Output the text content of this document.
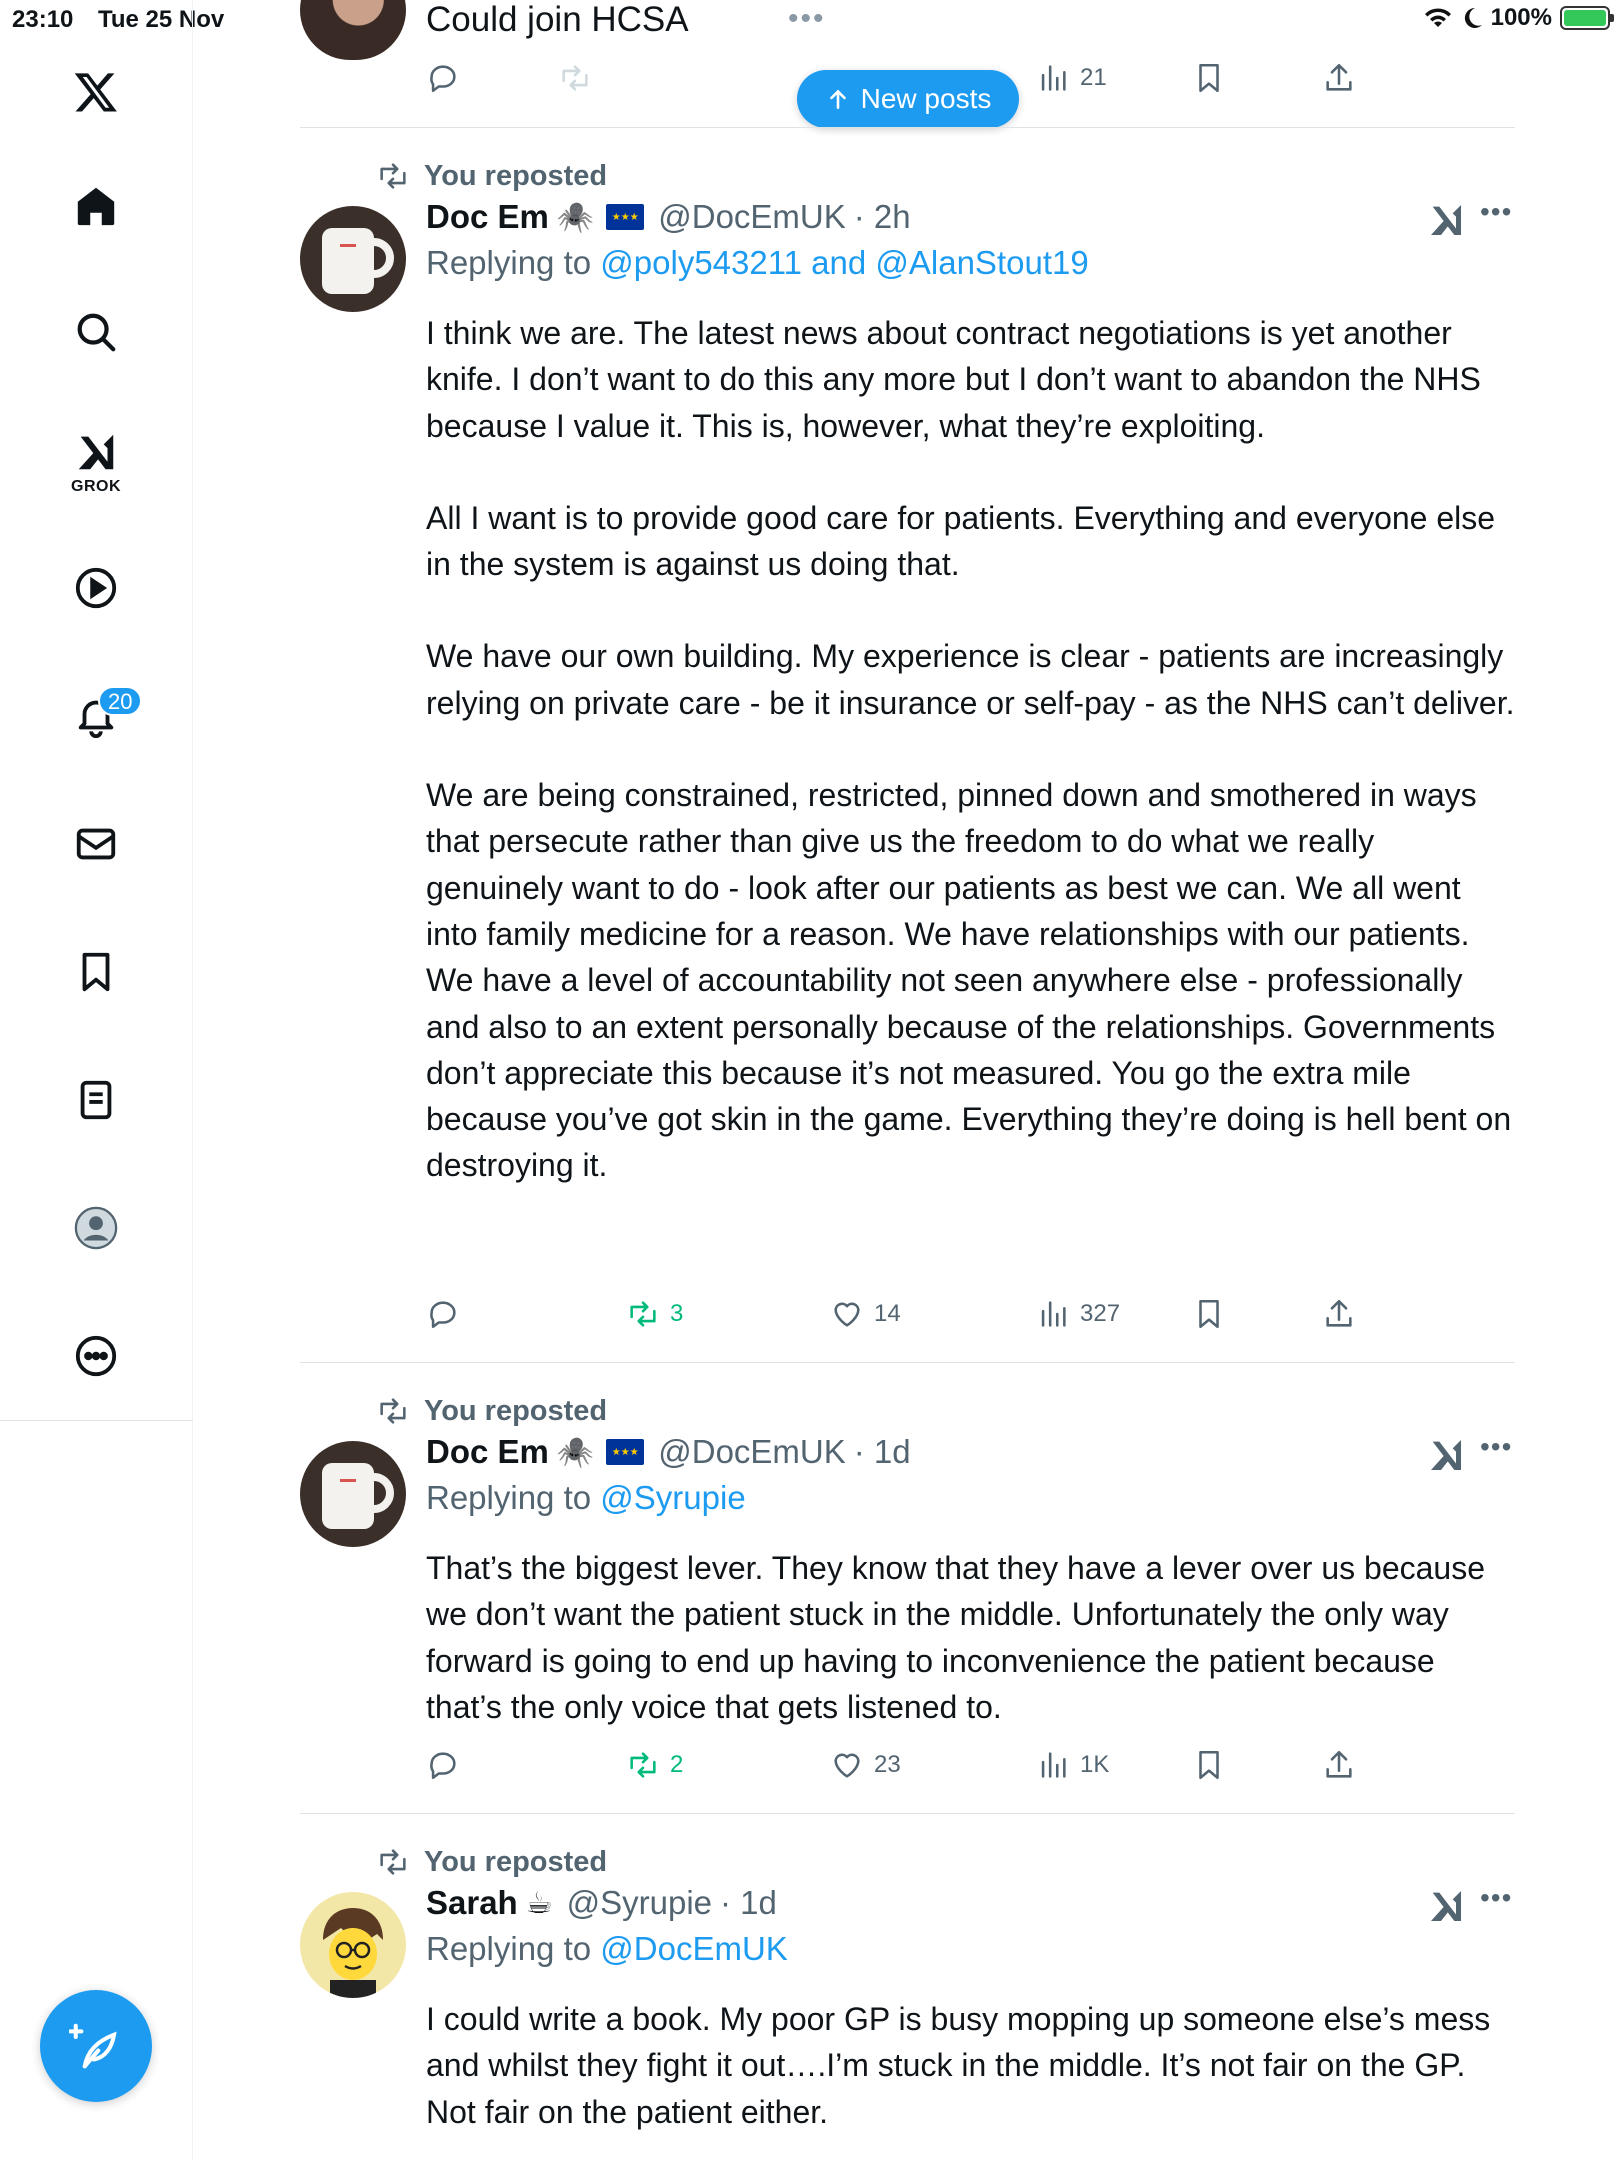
23:10 Tue 25 Nov	100%
GROK
20
Could join HCSA	•••
21
New posts
You reposted
Doc Em 🕷️	★★★ @DocEmUK · 2h	•••
Replying to @poly543211 and @AlanStout19

I think we are. The latest news about contract negotiations is yet another knife. I don’t want to do this any more but I don’t want to abandon the NHS because I value it. This is, however, what they’re exploiting.

All I want is to provide good care for patients. Everything and everyone else in the system is against us doing that.

We have our own building. My experience is clear - patients are increasingly relying on private care - be it insurance or self-pay - as the NHS can’t deliver.

We are being constrained, restricted, pinned down and smothered in ways that persecute rather than give us the freedom to do what we really genuinely want to do - look after our patients as best we can. We all went into family medicine for a reason. We have relationships with our patients. We have a level of accountability not seen anywhere else - professionally and also to an extent personally because of the relationships. Governments don’t appreciate this because it’s not measured. You go the extra mile because you’ve got skin in the game. Everything they’re doing is hell bent on destroying it.

3	14	327
You reposted
Doc Em 🕷️	★★★ @DocEmUK · 1d	•••
Replying to @Syrupie

That’s the biggest lever. They know that they have a lever over us because we don’t want the patient stuck in the middle. Unfortunately the only way forward is going to end up having to inconvenience the patient because that’s the only voice that gets listened to.

2	23	1K
You reposted
Sarah ☕ @Syrupie · 1d	•••
Replying to @DocEmUK

I could write a book. My poor GP is busy mopping up someone else’s mess and whilst they fight it out….I’m stuck in the middle. It’s not fair on the GP. Not fair on the patient either.
